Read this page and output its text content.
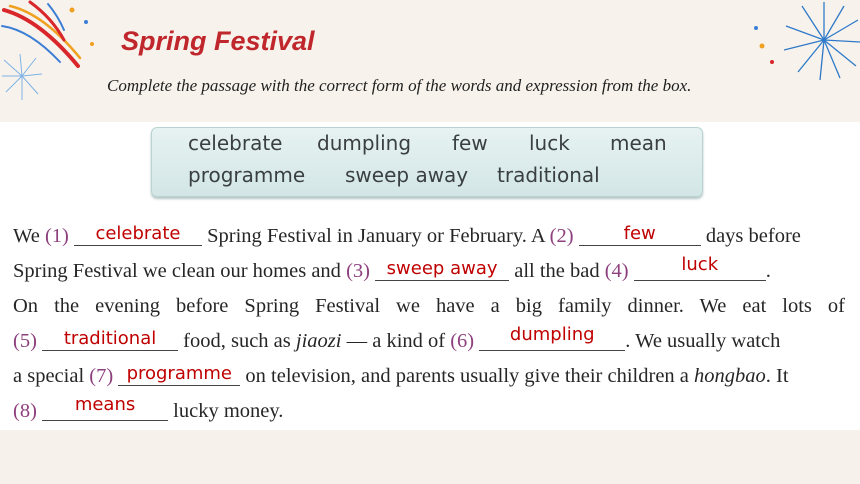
Spring Festival
Complete the passage with the correct form of the words and expression from the box.
celebrate dumpling few luck mean
programme sweep away traditional
We (1)	celebrate	Spring Festival in January or February. A (2)	few	days before
Spring Festival we clean our homes and (3) sweep away all the bad (4)	luck	.
On the evening before Spring Festival we have a big family dinner. We eat lots of
(5)	traditional	food, such as jiaozi — a kind of (6)	dumpling	. We usually watch
a special (7) programme on television, and parents usually give their children a hongbao. It
(8)	means	lucky money.
